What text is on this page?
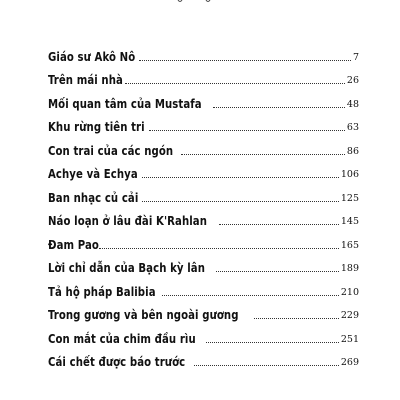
Giáo sư Akô Nô	7
Trên mái nhà	26
Mối quan tâm của Mustafa	48
Khu rừng tiên tri	63
Con trai của các ngón	86
Achye và Echya	106
Ban nhạc củ cải	125
Náo loạn ở lâu đài K'Rahlan	145
Đam Pao	165
Lời chỉ dẫn của Bạch kỳ lân	189
Tả hộ pháp Balibia	210
Trong gương và bên ngoài gương	229
Con mắt của chim đầu rìu	251
Cái chết được báo trước	269
